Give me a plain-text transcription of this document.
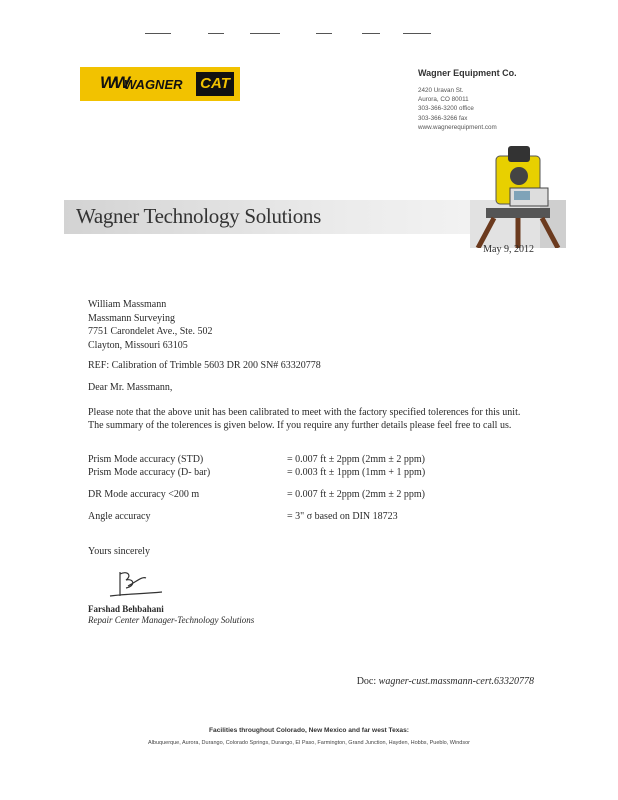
WW
WAGNER CAT
Wagner Equipment Co.
2420 Uravan St.
Aurora, CO 80011
303-366-3200 office
303-366-3266 fax
www.wagnerequipment.com
Wagner Technology Solutions
May 9, 2012
William Massmann
Massmann Surveying
7751 Carondelet Ave., Ste. 502
Clayton, Missouri 63105
REF: Calibration of Trimble 5603 DR 200 SN# 63320778
Dear Mr. Massmann,
Please note that the above unit has been calibrated to meet with the factory specified tolerences for this unit.
The summary of the tolerences is given below. If you require any further details please feel free to call us.
Prism Mode accuracy (STD)	= 0.007 ft ± 2ppm (2mm ± 2 ppm)
Prism Mode accuracy (D- bar)	= 0.003 ft ± 1ppm (1mm + 1 ppm)
DR Mode accuracy <200 m	= 0.007 ft ± 2ppm (2mm ± 2 ppm)
Angle accuracy	= 3" σ based on DIN 18723
Yours sincerely
Farshad Behbahani
Repair Center Manager-Technology Solutions
Doc: wagner-cust.massmann-cert.63320778
Facilities throughout Colorado, New Mexico and far west Texas:
Albuquerque, Aurora, Durango, Colorado Springs, Durango, El Paso, Farmington, Grand Junction, Hayden, Hobbs, Pueblo, Windsor
